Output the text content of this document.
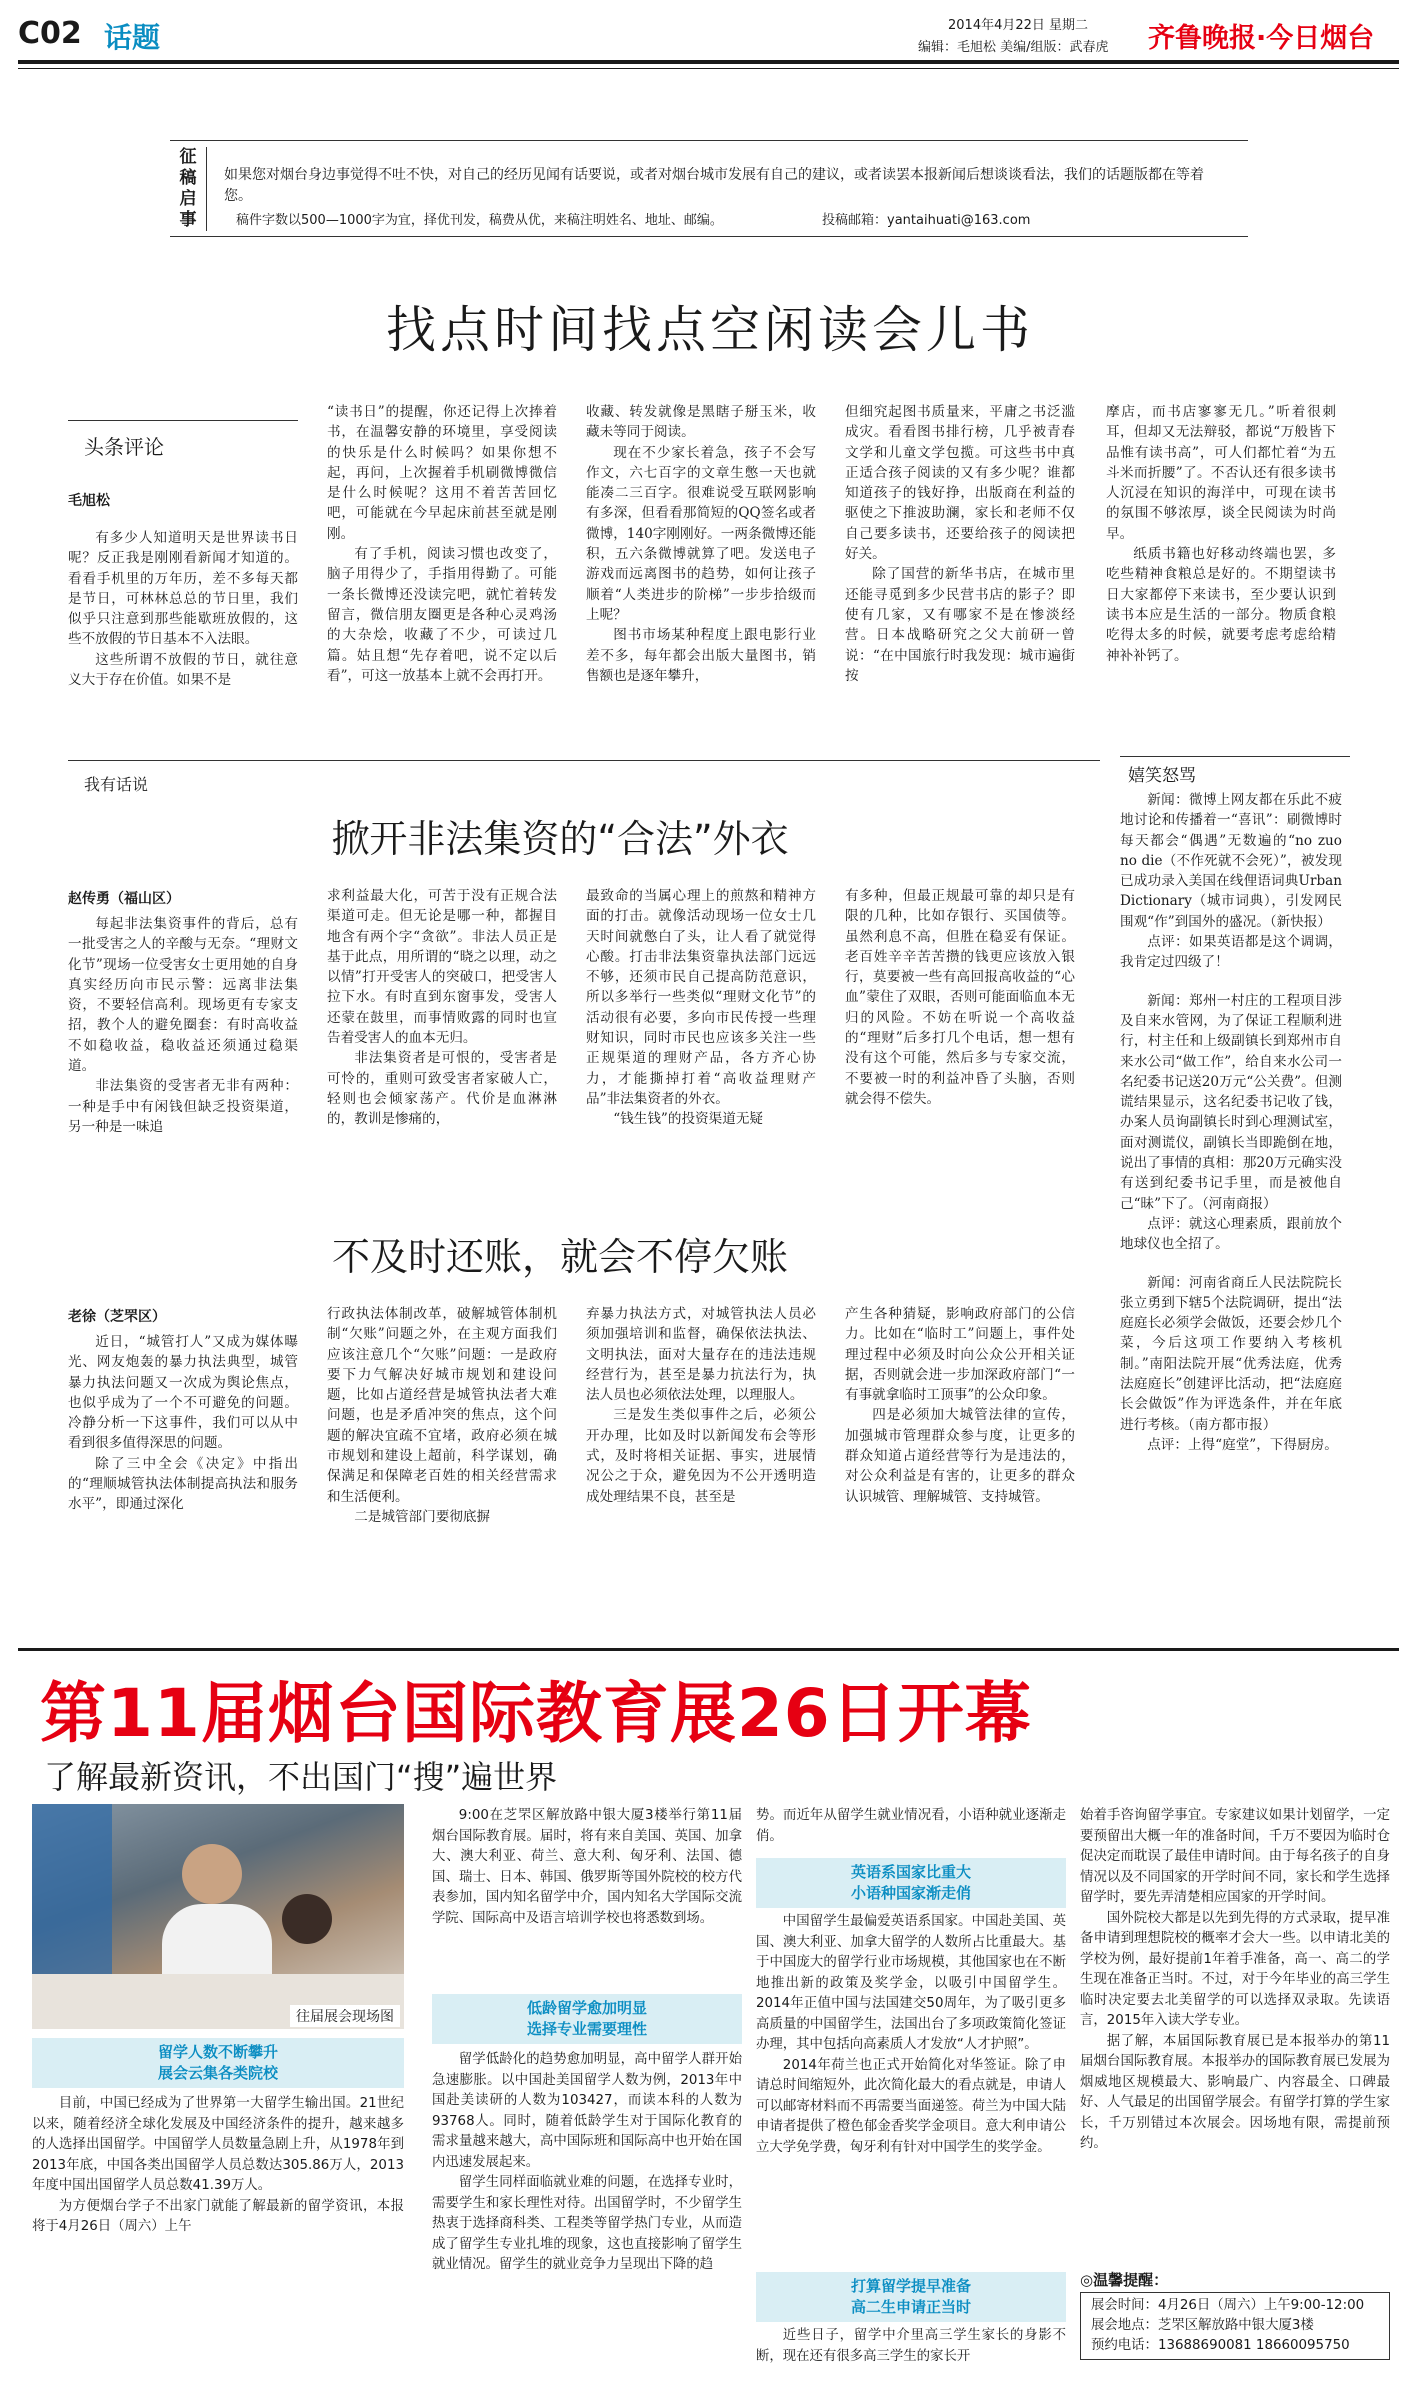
C02 话题	2014年4月22日 星期二
编辑：毛旭松 美编/组版：武春虎 齐鲁晚报·今日烟台
征
稿
启
事
如果您对烟台身边事觉得不吐不快，对自己的经历见闻有话要说，或者对烟台城市发展有自己的建议，或者读罢本报新闻后想谈谈看法，我们的话题版都在等着您。
稿件字数以500—1000字为宜，择优刊发，稿费从优，来稿注明姓名、地址、邮编。	投稿邮箱：yantaihuati@163.com
找点时间找点空闲读会儿书
头条评论
毛旭松

有多少人知道明天是世界读书日呢？反正我是刚刚看新闻才知道的。看看手机里的万年历，差不多每天都是节日，可林林总总的节日里，我们似乎只注意到那些能歇班放假的，这些不放假的节日基本不入法眼。

这些所谓不放假的节日，就往意义大于存在价值。如果不是

“读书日”的提醒，你还记得上次捧着书，在温馨安静的环境里，享受阅读的快乐是什么时候吗？如果你想不起，再问，上次握着手机刷微博微信是什么时候呢？这用不着苦苦回忆吧，可能就在今早起床前甚至就是刚刚。

有了手机，阅读习惯也改变了，脑子用得少了，手指用得勤了。可能一条长微博还没读完吧，就忙着转发留言，微信朋友圈更是各种心灵鸡汤的大杂烩，收藏了不少，可读过几篇。姑且想“先存着吧，说不定以后看”，可这一放基本上就不会再打开。

收藏、转发就像是黑瞎子掰玉米，收藏未等同于阅读。

现在不少家长着急，孩子不会写作文，六七百字的文章生憋一天也就能凑二三百字。很难说受互联网影响有多深，但看看那简短的QQ签名或者微博，140字刚刚好。一两条微博还能积，五六条微博就算了吧。发送电子游戏而远离图书的趋势，如何让孩子顺着“人类进步的阶梯”一步步拾级而上呢？

图书市场某种程度上跟电影行业差不多，每年都会出版大量图书，销售额也是逐年攀升，

但细究起图书质量来，平庸之书泛滥成灾。看看图书排行榜，几乎被青春文学和儿童文学包揽。可这些书中真正适合孩子阅读的又有多少呢？谁都知道孩子的钱好挣，出版商在利益的驱使之下推波助澜，家长和老师不仅自己要多读书，还要给孩子的阅读把好关。

除了国营的新华书店，在城市里还能寻觅到多少民营书店的影子？即使有几家，又有哪家不是在惨淡经营。日本战略研究之父大前研一曾说：“在中国旅行时我发现：城市遍街按

摩店，而书店寥寥无几。”听着很刺耳，但却又无法辩驳，都说“万般皆下品惟有读书高”，可人们都忙着“为五斗米而折腰”了。不否认还有很多读书人沉浸在知识的海洋中，可现在读书的氛围不够浓厚，谈全民阅读为时尚早。

纸质书籍也好移动终端也罢，多吃些精神食粮总是好的。不期望读书日大家都停下来读书，至少要认识到读书本应是生活的一部分。物质食粮吃得太多的时候，就要考虑考虑给精神补补钙了。

嬉笑怒骂

新闻：微博上网友都在乐此不疲地讨论和传播着一“喜讯”：刷微博时每天都会“偶遇”无数遍的“no zuo no die（不作死就不会死）”，被发现已成功录入美国在线俚语词典Urban Dictionary（城市词典），引发网民围观“作”到国外的盛况。（新快报）

点评：如果英语都是这个调调，我肯定过四级了！

新闻：郑州一村庄的工程项目涉及自来水管网，为了保证工程顺利进行，村主任和上级副镇长到郑州市自来水公司“做工作”，给自来水公司一名纪委书记送20万元“公关费”。但测谎结果显示，这名纪委书记收了钱，办案人员询副镇长时到心理测试室，面对测谎仪，副镇长当即跪倒在地，说出了事情的真相：那20万元确实没有送到纪委书记手里，而是被他自己“昧”下了。（河南商报）

点评：就这心理素质，跟前放个地球仪也全招了。

新闻：河南省商丘人民法院院长张立勇到下辖5个法院调研，提出“法庭庭长必须学会做饭，还要会炒几个菜，今后这项工作要纳入考核机制。”南阳法院开展“优秀法庭，优秀法庭庭长”创建评比活动，把“法庭庭长会做饭”作为评选条件，并在年底进行考核。（南方都市报）

点评：上得“庭堂”，下得厨房。

我有话说
掀开非法集资的“合法”外衣
赵传勇（福山区）

每起非法集资事件的背后，总有一批受害之人的辛酸与无奈。“理财文化节”现场一位受害女士更用她的自身真实经历向市民示警：远离非法集资，不要轻信高利。现场更有专家支招，教个人的避免圈套：有时高收益不如稳收益，稳收益还须通过稳渠道。

非法集资的受害者无非有两种：一种是手中有闲钱但缺乏投资渠道，另一种是一味追

求利益最大化，可苦于没有正规合法渠道可走。但无论是哪一种，都握目地含有两个字“贪欲”。非法人员正是基于此点，用所谓的“晓之以理，动之以情”打开受害人的突破口，把受害人拉下水。有时直到东窗事发，受害人还蒙在鼓里，而事情败露的同时也宣告着受害人的血本无归。

非法集资者是可恨的，受害者是可怜的，重则可致受害者家破人亡，轻则也会倾家荡产。代价是血淋淋的，教训是惨痛的，

最致命的当属心理上的煎熬和精神方面的打击。就像活动现场一位女士几天时间就憋白了头，让人看了就觉得心酸。打击非法集资靠执法部门远远不够，还须市民自己提高防范意识，所以多举行一些类似“理财文化节”的活动很有必要，多向市民传授一些理财知识，同时市民也应该多关注一些正规渠道的理财产品，各方齐心协力，才能撕掉打着“高收益理财产品”非法集资者的外衣。

“钱生钱”的投资渠道无疑

有多种，但最正规最可靠的却只是有限的几种，比如存银行、买国债等。虽然利息不高，但胜在稳妥有保证。老百姓辛辛苦苦攒的钱更应该放入银行，莫要被一些有高回报高收益的“心血”蒙住了双眼，否则可能面临血本无归的风险。不妨在听说一个高收益的“理财”后多打几个电话，想一想有没有这个可能，然后多与专家交流，不要被一时的利益冲昏了头脑，否则就会得不偿失。

不及时还账，就会不停欠账
老徐（芝罘区）

近日，“城管打人”又成为媒体曝光、网友炮轰的暴力执法典型，城管暴力执法问题又一次成为舆论焦点，也似乎成为了一个不可避免的问题。冷静分析一下这事件，我们可以从中看到很多值得深思的问题。

除了三中全会《决定》中指出的“理顺城管执法体制提高执法和服务水平”，即通过深化

行政执法体制改革，破解城管体制机制“欠账”问题之外，在主观方面我们应该注意几个“欠账”问题：一是政府要下力气解决好城市规划和建设问题，比如占道经营是城管执法者大难问题，也是矛盾冲突的焦点，这个问题的解决宜疏不宜堵，政府必须在城市规划和建设上超前，科学谋划，确保满足和保障老百姓的相关经营需求和生活便利。

二是城管部门要彻底摒

弃暴力执法方式，对城管执法人员必须加强培训和监督，确保依法执法、文明执法，面对大量存在的违法违规经营行为，甚至是暴力抗法行为，执法人员也必须依法处理，以理服人。

三是发生类似事件之后，必须公开办理，比如及时以新闻发布会等形式，及时将相关证据、事实，进展情况公之于众，避免因为不公开透明造成处理结果不良，甚至是

产生各种猜疑，影响政府部门的公信力。比如在“临时工”问题上，事件处理过程中必须及时向公众公开相关证据，否则就会进一步加深政府部门“一有事就拿临时工顶事”的公众印象。

四是必须加大城管法律的宣传，加强城市管理群众参与度，让更多的群众知道占道经营等行为是违法的，对公众利益是有害的，让更多的群众认识城管、理解城管、支持城管。

第11届烟台国际教育展26日开幕
了解最新资讯，不出国门“搜”遍世界
往届展会现场图
留学人数不断攀升
展会云集各类院校

目前，中国已经成为了世界第一大留学生输出国。21世纪以来，随着经济全球化发展及中国经济条件的提升，越来越多的人选择出国留学。中国留学人员数量急剧上升，从1978年到2013年底，中国各类出国留学人员总数达305.86万人，2013年度中国出国留学人员总数41.39万人。

为方便烟台学子不出家门就能了解最新的留学资讯，本报将于4月26日（周六）上午

9:00在芝罘区解放路中银大厦3楼举行第11届烟台国际教育展。届时，将有来自美国、英国、加拿大、澳大利亚、荷兰、意大利、匈牙利、法国、德国、瑞士、日本、韩国、俄罗斯等国外院校的校方代表参加，国内知名留学中介，国内知名大学国际交流学院、国际高中及语言培训学校也将悉数到场。

低龄留学愈加明显
选择专业需要理性

留学低龄化的趋势愈加明显，高中留学人群开始急速膨胀。以中国赴美国留学人数为例，2013年中国赴美读研的人数为103427，而读本科的人数为93768人。同时，随着低龄学生对于国际化教育的需求量越来越大，高中国际班和国际高中也开始在国内迅速发展起来。

留学生同样面临就业难的问题，在选择专业时，需要学生和家长理性对待。出国留学时，不少留学生热衷于选择商科类、工程类等留学热门专业，从而造成了留学生专业扎堆的现象，这也直接影响了留学生就业情况。留学生的就业竞争力呈现出下降的趋

势。而近年从留学生就业情况看，小语种就业逐渐走俏。

英语系国家比重大
小语种国家渐走俏

中国留学生最偏爱英语系国家。中国赴美国、英国、澳大利亚、加拿大留学的人数所占比重最大。基于中国庞大的留学行业市场规模，其他国家也在不断地推出新的政策及奖学金，以吸引中国留学生。2014年正值中国与法国建交50周年，为了吸引更多高质量的中国留学生，法国出台了多项政策简化签证办理，其中包括向高素质人才发放“人才护照”。

2014年荷兰也正式开始简化对华签证。除了申请总时间缩短外，此次简化最大的看点就是，申请人可以邮寄材料而不再需要当面递签。荷兰为中国大陆申请者提供了橙色郁金香奖学金项目。意大利申请公立大学免学费，匈牙利有针对中国学生的奖学金。

打算留学提早准备
高二生申请正当时

近些日子，留学中介里高三学生家长的身影不断，现在还有很多高三学生的家长开

始着手咨询留学事宜。专家建议如果计划留学，一定要预留出大概一年的准备时间，千万不要因为临时仓促决定而耽误了最佳申请时间。由于每名孩子的自身情况以及不同国家的开学时间不同，家长和学生选择留学时，要先弄清楚相应国家的开学时间。

国外院校大都是以先到先得的方式录取，提早准备申请到理想院校的概率才会大一些。以申请北美的学校为例，最好提前1年着手准备，高一、高二的学生现在准备正当时。不过，对于今年毕业的高三学生临时决定要去北美留学的可以选择双录取。先读语言，2015年入读大学专业。

据了解，本届国际教育展已是本报举办的第11届烟台国际教育展。本报举办的国际教育展已发展为烟威地区规模最大、影响最广、内容最全、口碑最好、人气最足的出国留学展会。有留学打算的学生家长，千万别错过本次展会。因场地有限，需提前预约。

◎温馨提醒：
展会时间：4月26日（周六）上午9:00-12:00
展会地点：芝罘区解放路中银大厦3楼
预约电话：13688690081 18660095750
